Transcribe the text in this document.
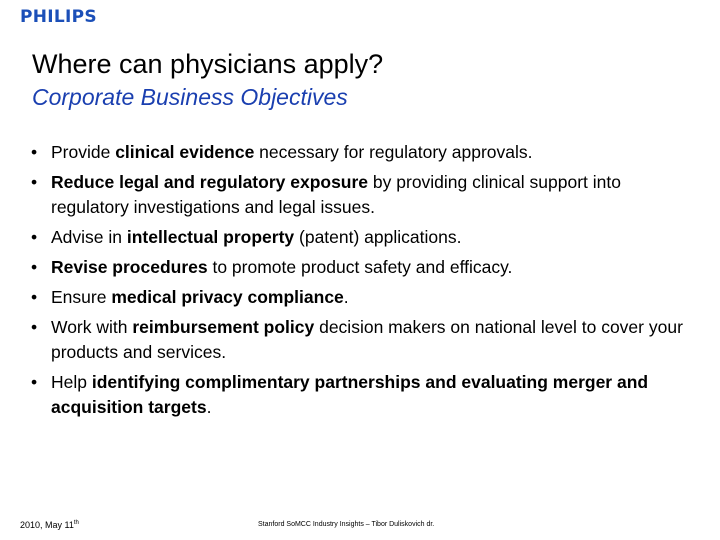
PHILIPS
Where can physicians apply?
Corporate Business Objectives
• Provide clinical evidence necessary for regulatory approvals.
• Reduce legal and regulatory exposure by providing clinical support into regulatory investigations and legal issues.
• Advise in intellectual property (patent) applications.
• Revise procedures to promote product safety and efficacy.
• Ensure medical privacy compliance.
• Work with reimbursement policy decision makers on national level to cover your products and services.
• Help identifying complimentary partnerships and evaluating merger and acquisition targets.
2010, May 11th	Stanford SoMCC Industry Insights – Tibor Duliskovich dr.
